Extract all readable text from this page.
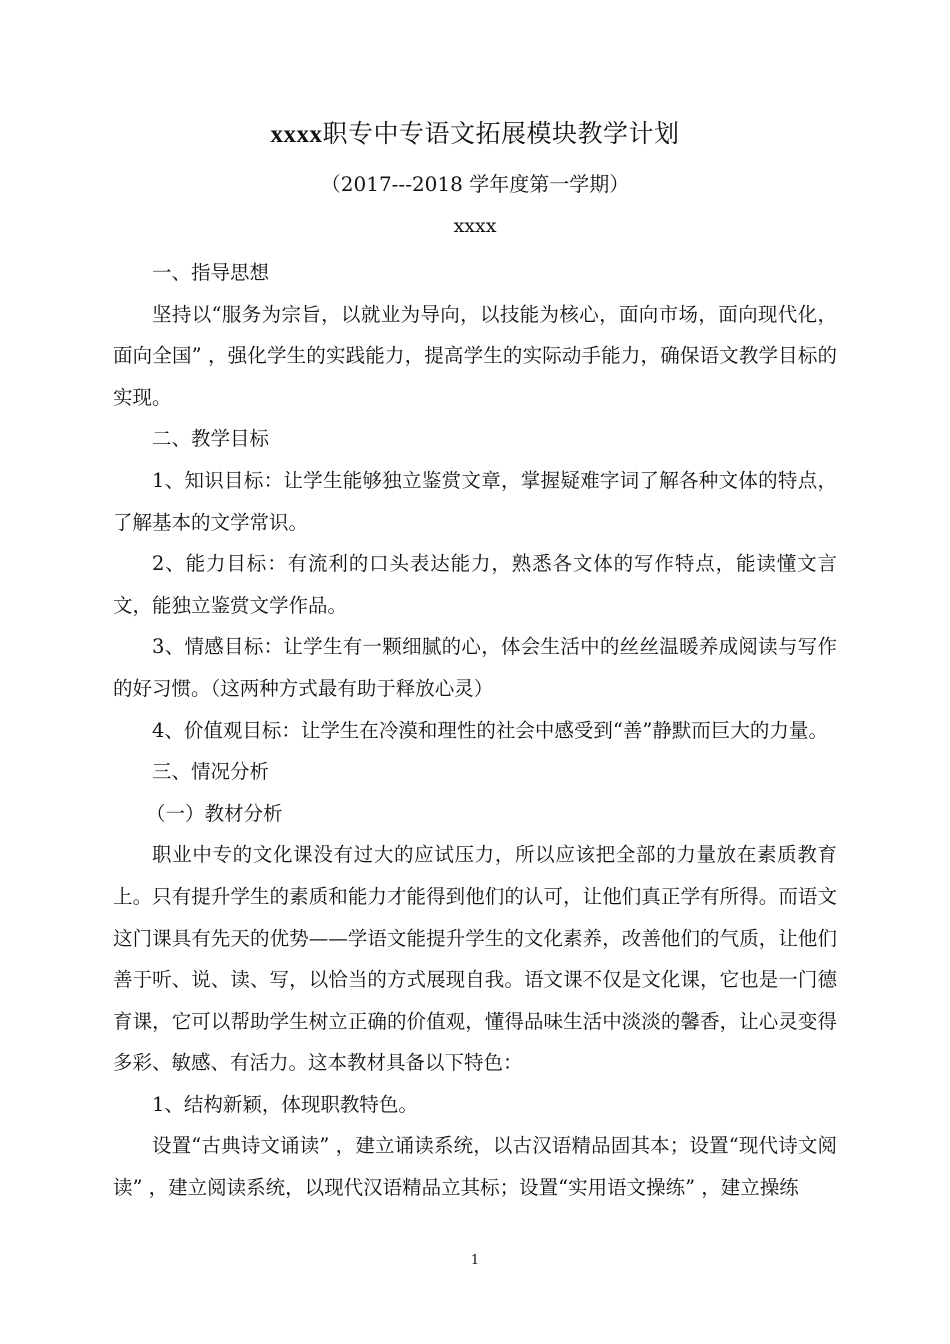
xxxx职专中专语文拓展模块教学计划
（2017---2018 学年度第一学期）
xxxx

一、指导思想

坚持以“服务为宗旨，以就业为导向，以技能为核心，面向市场，面向现代化，面向全国” ，强化学生的实践能力，提高学生的实际动手能力，确保语文教学目标的实现。

二、教学目标

1、知识目标：让学生能够独立鉴赏文章，掌握疑难字词了解各种文体的特点，了解基本的文学常识。

2、能力目标：有流利的口头表达能力，熟悉各文体的写作特点，能读懂文言文，能独立鉴赏文学作品。

3、情感目标：让学生有一颗细腻的心，体会生活中的丝丝温暖养成阅读与写作的好习惯。（这两种方式最有助于释放心灵）

4、价值观目标：让学生在冷漠和理性的社会中感受到“善”静默而巨大的力量。

三、情况分析

（一）教材分析

职业中专的文化课没有过大的应试压力，所以应该把全部的力量放在素质教育上。只有提升学生的素质和能力才能得到他们的认可，让他们真正学有所得。而语文这门课具有先天的优势——学语文能提升学生的文化素养，改善他们的气质，让他们善于听、说、读、写，以恰当的方式展现自我。语文课不仅是文化课，它也是一门德育课，它可以帮助学生树立正确的价值观，懂得品味生活中淡淡的馨香，让心灵变得多彩、敏感、有活力。这本教材具备以下特色：

1、结构新颖，体现职教特色。

设置“古典诗文诵读” ，建立诵读系统，以古汉语精品固其本；设置“现代诗文阅读” ，建立阅读系统，以现代汉语精品立其标；设置“实用语文操练” ，建立操练

1
